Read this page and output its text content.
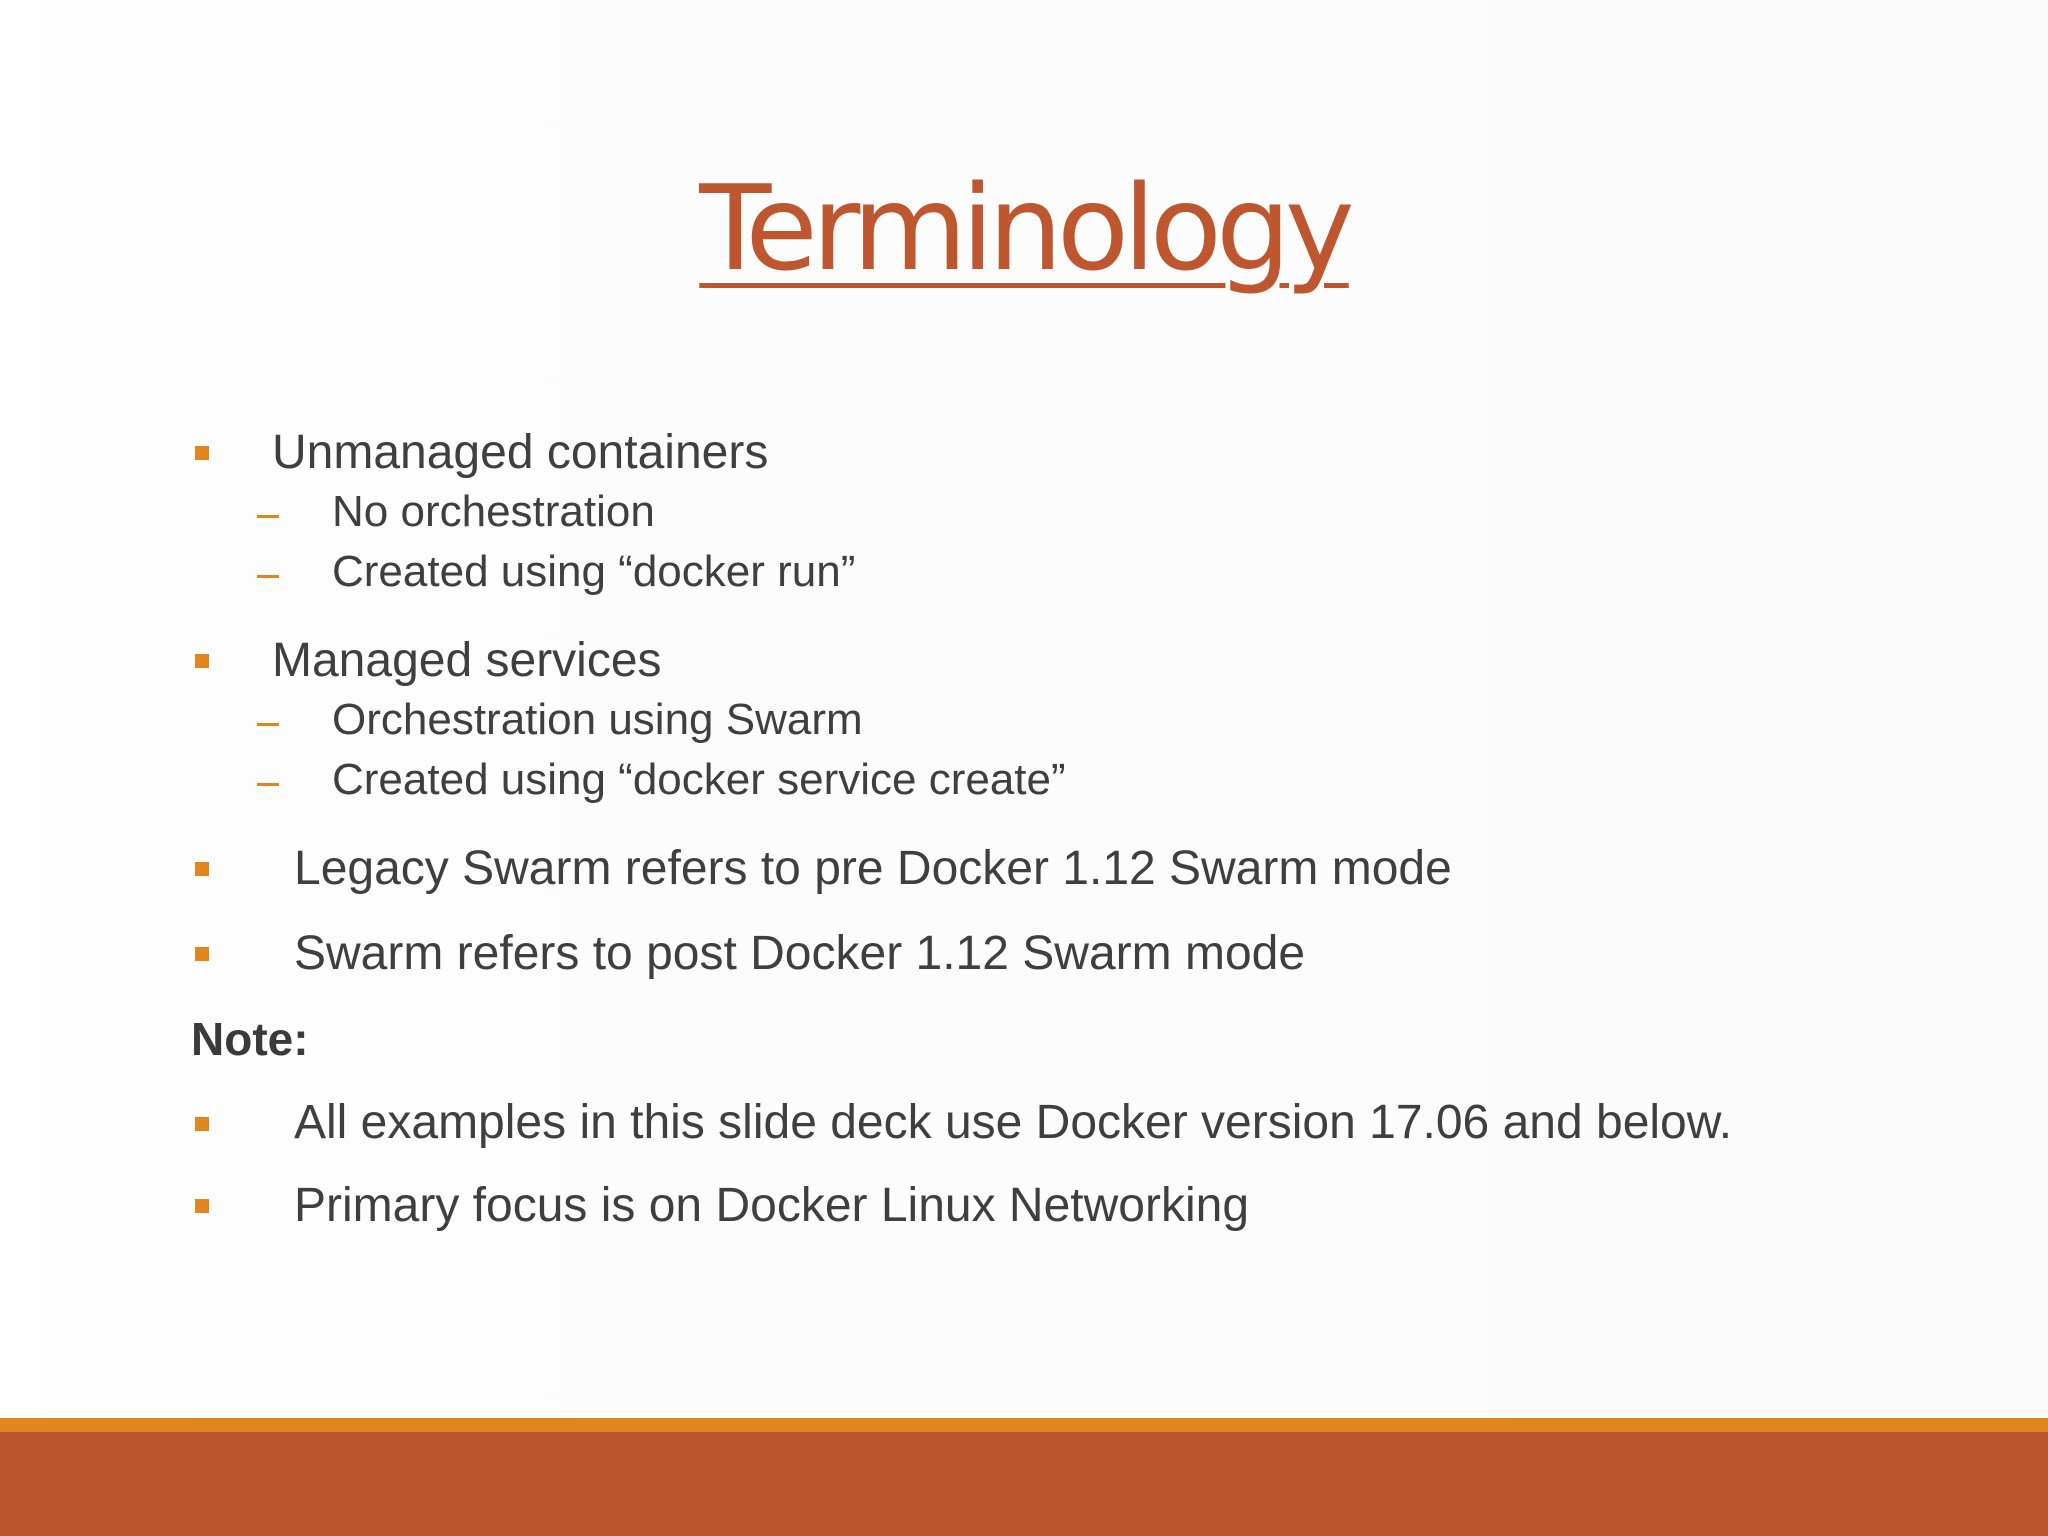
Terminology
Unmanaged containers
No orchestration
Created using “docker run”
Managed services
Orchestration using Swarm
Created using “docker service create”
Legacy Swarm refers to pre Docker 1.12 Swarm mode
Swarm refers to post Docker 1.12 Swarm mode
Note:
All examples in this slide deck use Docker version 17.06 and below.
Primary focus is on Docker Linux Networking
